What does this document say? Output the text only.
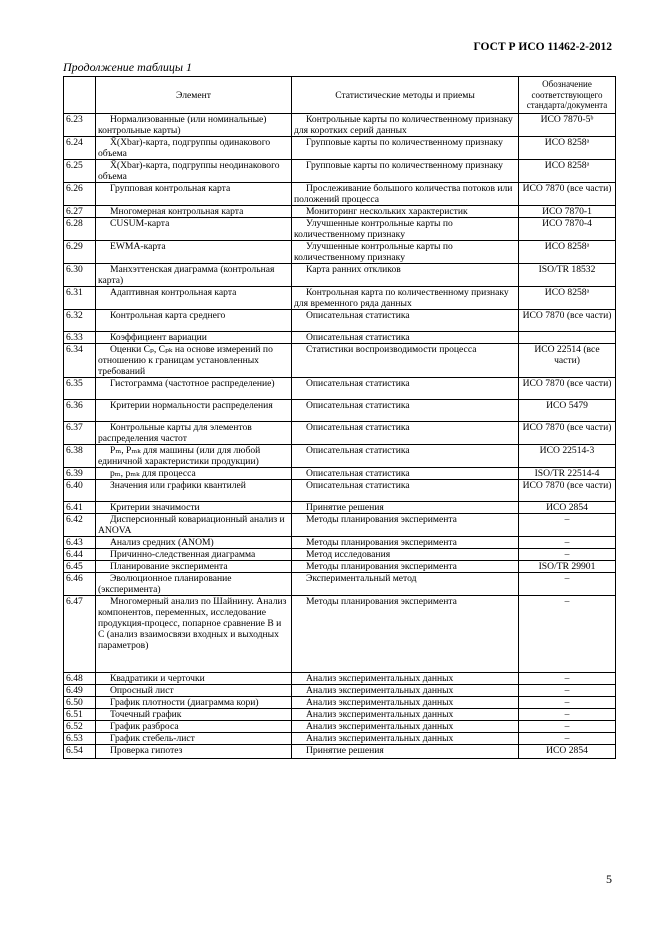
ГОСТ Р ИСО 11462-2-2012
Продолжение таблицы 1
	Элемент	Статистические методы и приемы	Обозначение соответствующего стандарта/документа
6.23	Нормализованные (или номинальные) контрольные карты)	Контрольные карты по количественному признаку для коротких серий данных	ИСО 7870-5ᵇ
6.24	X̄(Xbar)-карта, подгруппы одинакового объема	Групповые карты по количественному признаку	ИСО 8258ᵃ
6.25	X̄(Xbar)-карта, подгруппы неодинакового объема	Групповые карты по количественному признаку	ИСО 8258ᵃ
6.26	Групповая контрольная карта	Прослеживание большого количества потоков или положений процесса	ИСО 7870 (все части)
6.27	Многомерная контрольная карта	Мониторинг нескольких характеристик	ИСО 7870-1
6.28	CUSUM-карта	Улучшенные контрольные карты по количественному признаку	ИСО 7870-4
6.29	EWMA-карта	Улучшенные контрольные карты по количественному признаку	ИСО 8258ᵃ
6.30	Манхэттенская диаграмма (контрольная карта)	Карта ранних откликов	ISO/TR 18532
6.31	Адаптивная контрольная карта	Контрольная карта по количественному признаку для временного ряда данных	ИСО 8258ᵃ
6.32	Контрольная карта среднего	Описательная статистика	ИСО 7870 (все части)
6.33	Коэффициент вариации	Описательная статистика	
6.34	Оценки Cₚ, Cₚₖ на основе измерений по отношению к границам установленных требований	Статистики воспроизводимости процесса	ИСО 22514 (все части)
6.35	Гистограмма (частотное распределение)	Описательная статистика	ИСО 7870 (все части)
6.36	Критерии нормальности распределения	Описательная статистика	ИСО 5479
6.37	Контрольные карты для элементов распределения частот	Описательная статистика	ИСО 7870 (все части)
6.38	Pₘ, Pₘₖ для машины (или для любой единичной характеристики продукции)	Описательная статистика	ИСО 22514-3
6.39	pₘ, pₘₖ для процесса	Описательная статистика	ISO/TR 22514-4
6.40	Значения или графики квантилей	Описательная статистика	ИСО 7870 (все части)
6.41	Критерии значимости	Принятие решения	ИСО 2854
6.42	Дисперсионный ковариационный анализ и ANOVA	Методы планирования эксперимента	–
6.43	Анализ средних (ANOM)	Методы планирования эксперимента	–
6.44	Причинно-следственная диаграмма	Метод исследования	–
6.45	Планирование эксперимента	Методы планирования эксперимента	ISO/TR 29901
6.46	Эволюционное планирование (эксперимента)	Экспериментальный метод	–
6.47	Многомерный анализ по Шайнину. Анализ компонентов, переменных, исследование продукция-процесс, попарное сравнение В и С (анализ взаимосвязи входных и выходных параметров)	Методы планирования эксперимента	–
6.48	Квадратики и черточки	Анализ экспериментальных данных	–
6.49	Опросный лист	Анализ экспериментальных данных	–
6.50	График плотности (диаграмма кори)	Анализ экспериментальных данных	–
6.51	Точечный график	Анализ экспериментальных данных	–
6.52	График разброса	Анализ экспериментальных данных	–
6.53	График стебель-лист	Анализ экспериментальных данных	–
6.54	Проверка гипотез	Принятие решения	ИСО 2854
5
